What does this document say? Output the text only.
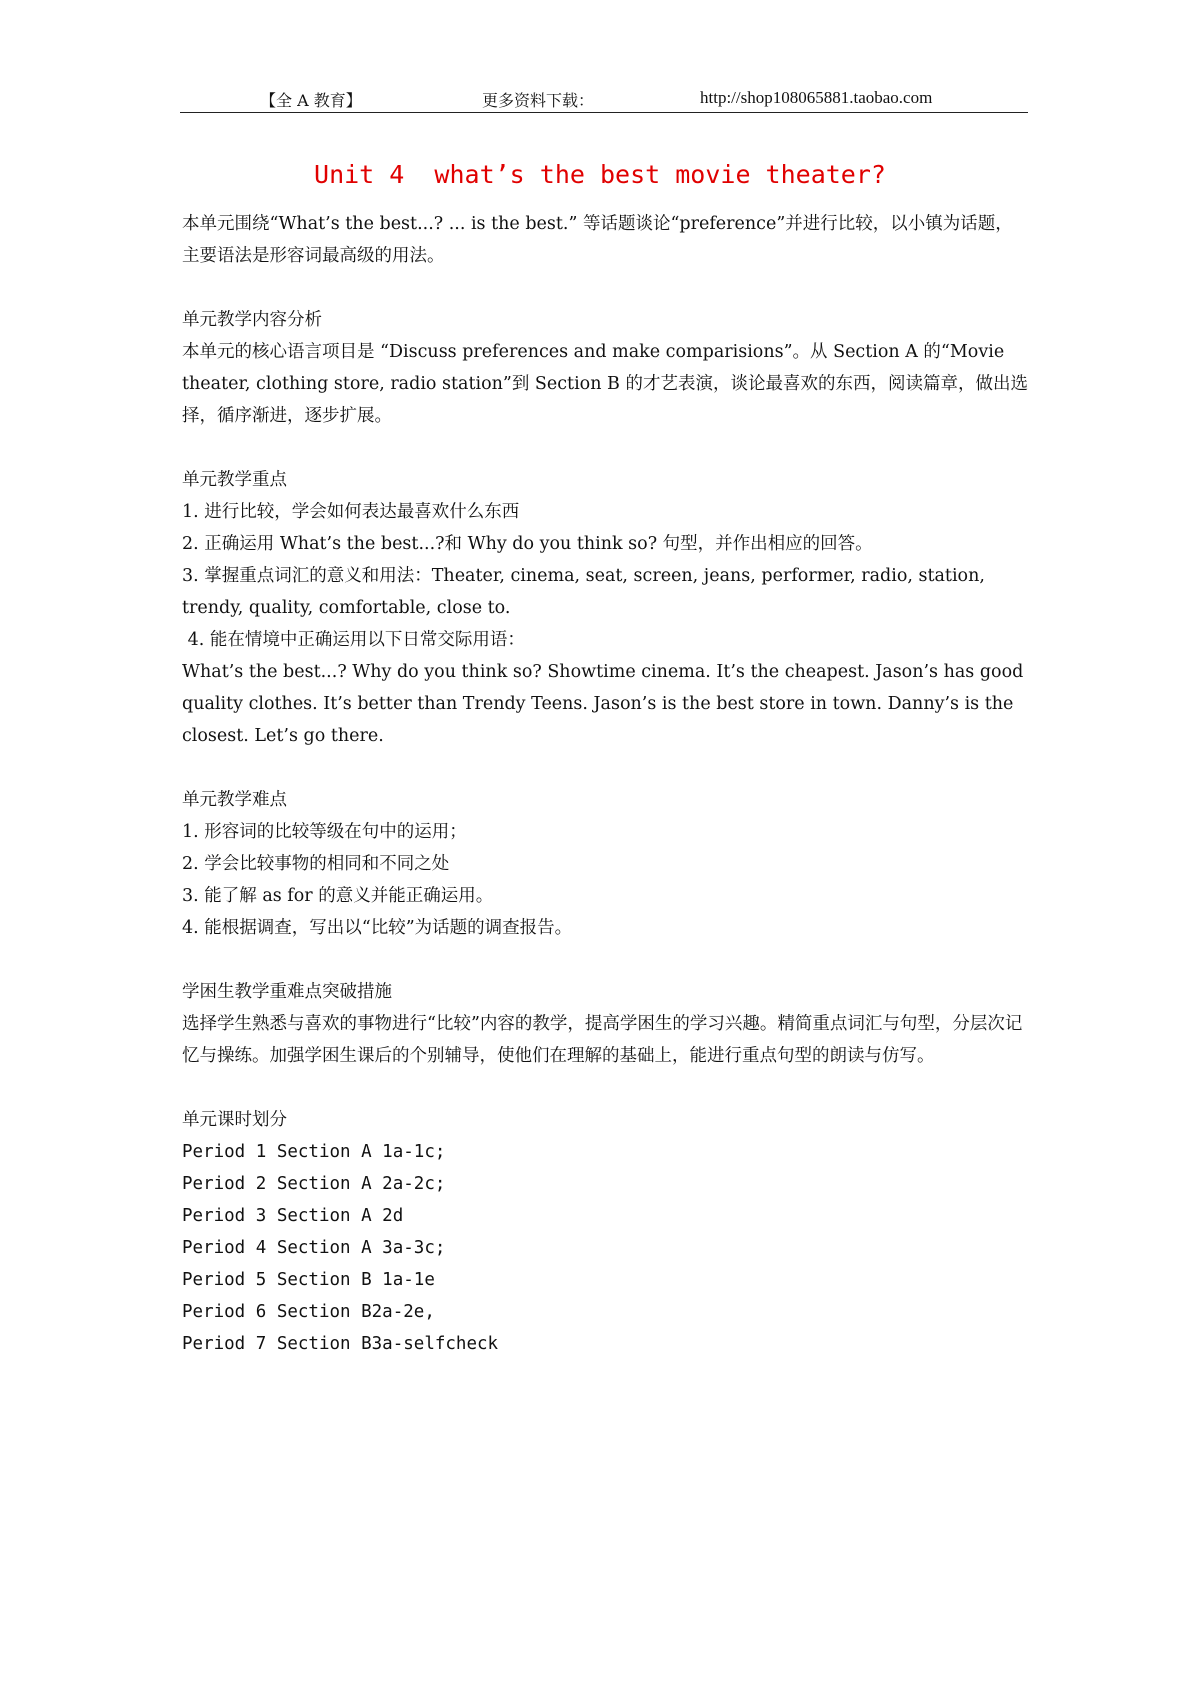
【全 A 教育】	更多资料下载：	http://shop108065881.taobao.com
Unit 4  what’s the best movie theater?

本单元围绕“What’s the best...? ... is the best.” 等话题谈论“preference”并进行比较，以小镇为话题，主要语法是形容词最高级的用法。

单元教学内容分析

本单元的核心语言项目是 “Discuss preferences and make comparisions”。从 Section A 的“Movie theater, clothing store, radio station”到 Section B 的才艺表演，谈论最喜欢的东西，阅读篇章，做出选择，循序渐进，逐步扩展。

单元教学重点

1. 进行比较，学会如何表达最喜欢什么东西

2. 正确运用 What’s the best...?和 Why do you think so? 句型，并作出相应的回答。

3. 掌握重点词汇的意义和用法：Theater, cinema, seat, screen, jeans, performer, radio, station, trendy, quality, comfortable, close to.

4. 能在情境中正确运用以下日常交际用语：

What’s the best...? Why do you think so? Showtime cinema. It’s the cheapest. Jason’s has good quality clothes. It’s better than Trendy Teens. Jason’s is the best store in town. Danny’s is the closest. Let’s go there.

单元教学难点

1. 形容词的比较等级在句中的运用；

2. 学会比较事物的相同和不同之处

3. 能了解 as for 的意义并能正确运用。

4. 能根据调查，写出以“比较”为话题的调查报告。

学困生教学重难点突破措施

选择学生熟悉与喜欢的事物进行“比较”内容的教学，提高学困生的学习兴趣。精简重点词汇与句型，分层次记忆与操练。加强学困生课后的个别辅导，使他们在理解的基础上，能进行重点句型的朗读与仿写。

单元课时划分

Period 1 Section A 1a-1c;

Period 2 Section A 2a-2c;

Period 3 Section A 2d

Period 4 Section A 3a-3c;

Period 5 Section B 1a-1e

Period 6 Section B2a-2e,

Period 7 Section B3a-selfcheck
